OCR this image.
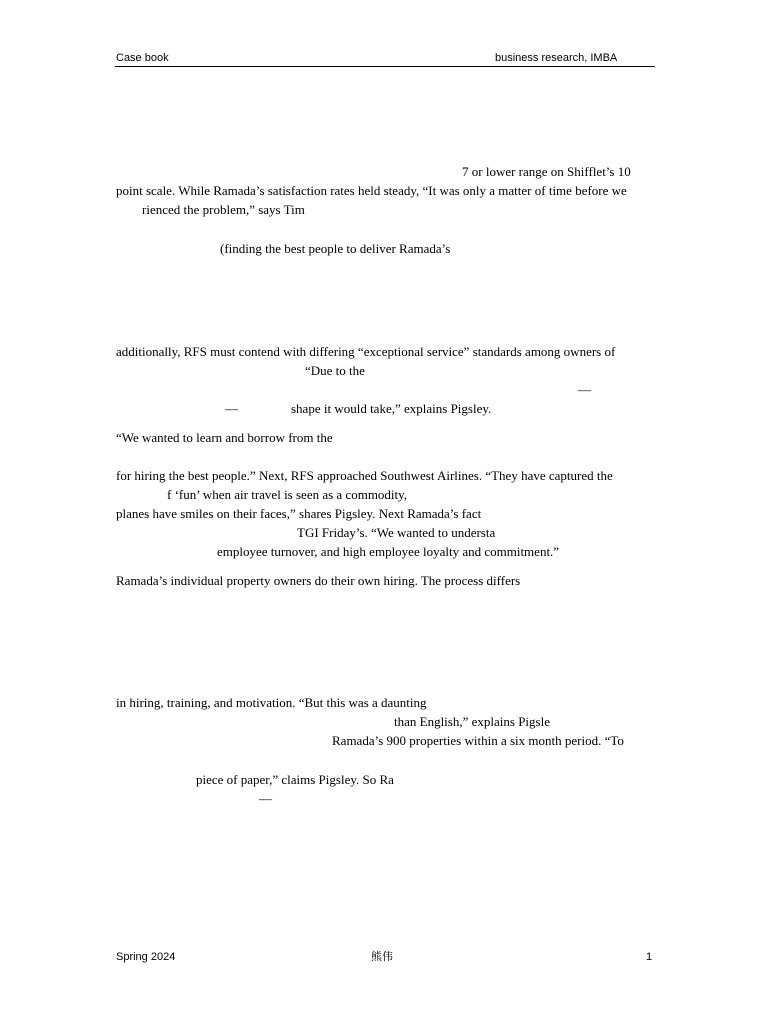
Case book	business research, IMBA
7 or lower range on Shifflet’s 10
point scale. While Ramada’s satisfaction rates held steady, “It was only a matter of time before we
rienced the problem,” says Tim
(finding the best people to deliver Ramada’s
additionally, RFS must contend with differing “exceptional service” standards among owners of
“Due to the
—
—	shape it would take,” explains Pigsley.
“We wanted to learn and borrow from the
for hiring the best people.” Next, RFS approached Southwest Airlines. “They have captured the
f ‘fun’ when air travel is seen as a commodity,
planes have smiles on their faces,” shares Pigsley. Next Ramada’s fact
TGI Friday’s. “We wanted to understa
employee turnover, and high employee loyalty and commitment.”
Ramada’s individual property owners do their own hiring. The process differs
in hiring, training, and motivation. “But this was a daunting
than English,” explains Pigsle
Ramada’s 900 properties within a six month period. “To
piece of paper,” claims Pigsley. So Ra
—
Spring 2024	熊伟	1
